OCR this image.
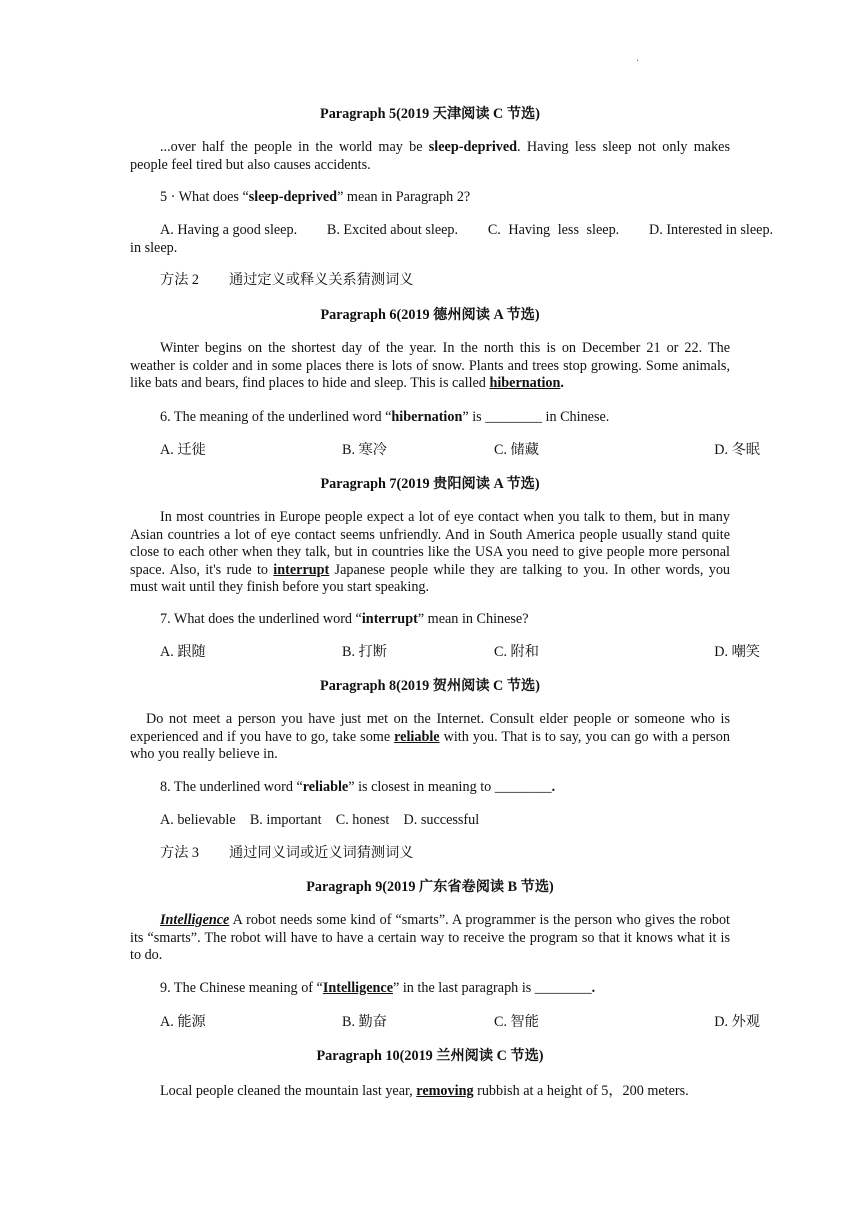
·
Paragraph 5(2019 天津阅读 C 节选)
...over half the people in the world may be sleep-deprived. Having less sleep not only makes people feel tired but also causes accidents.
5 · What does “sleep-deprived” mean in Paragraph 2?
A. Having a good sleep. B. Excited about sleep. C. Having less sleep. D. Interested in sleep.
in sleep.
方法 2 通过定义或释义关系猜测词义
Paragraph 6(2019 德州阅读 A 节选)
Winter begins on the shortest day of the year. In the north this is on December 21 or 22. The weather is colder and in some places there is lots of snow. Plants and trees stop growing. Some animals, like bats and bears, find places to hide and sleep. This is called hibernation.
6. The meaning of the underlined word “hibernation” is ________ in Chinese.
A. 迁徙	B. 寒冷	C. 储藏	D. 冬眠
Paragraph 7(2019 贵阳阅读 A 节选)
In most countries in Europe people expect a lot of eye contact when you talk to them, but in many Asian countries a lot of eye contact seems unfriendly. And in South America people usually stand quite close to each other when they talk, but in countries like the USA you need to give people more personal space. Also, it's rude to interrupt Japanese people while they are talking to you. In other words, you must wait until they finish before you start speaking.
7. What does the underlined word “interrupt” mean in Chinese?
A. 跟随	B. 打断	C. 附和	D. 嘲笑
Paragraph 8(2019 贺州阅读 C 节选)
Do not meet a person you have just met on the Internet. Consult elder people or someone who is experienced and if you have to go, take some reliable with you. That is to say, you can go with a person who you really believe in.
8. The underlined word “reliable” is closest in meaning to ________.
A. believable    B. important    C. honest    D. successful
方法 3 通过同义词或近义词猜测词义
Paragraph 9(2019 广东省卷阅读 B 节选)
Intelligence A robot needs some kind of “smarts”. A programmer is the person who gives the robot its “smarts”. The robot will have to have a certain way to receive the program so that it knows what it is to do.
9. The Chinese meaning of “Intelligence” in the last paragraph is ________.
A. 能源	B. 勤奋	C. 智能	D. 外观
Paragraph 10(2019 兰州阅读 C 节选)
Local people cleaned the mountain last year, removing rubbish at a height of 5，200 meters.
